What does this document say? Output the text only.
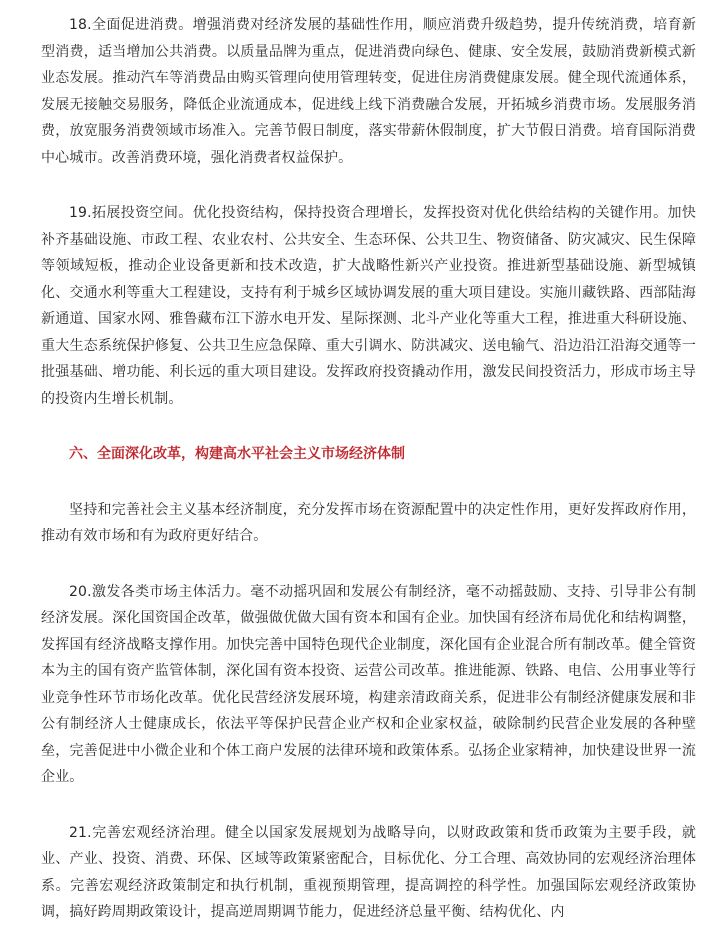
18.全面促进消费。增强消费对经济发展的基础性作用，顺应消费升级趋势，提升传统消费，培育新型消费，适当增加公共消费。以质量品牌为重点，促进消费向绿色、健康、安全发展，鼓励消费新模式新业态发展。推动汽车等消费品由购买管理向使用管理转变，促进住房消费健康发展。健全现代流通体系，发展无接触交易服务，降低企业流通成本，促进线上线下消费融合发展，开拓城乡消费市场。发展服务消费，放宽服务消费领域市场准入。完善节假日制度，落实带薪休假制度，扩大节假日消费。培育国际消费中心城市。改善消费环境，强化消费者权益保护。

19.拓展投资空间。优化投资结构，保持投资合理增长，发挥投资对优化供给结构的关键作用。加快补齐基础设施、市政工程、农业农村、公共安全、生态环保、公共卫生、物资储备、防灾减灾、民生保障等领域短板，推动企业设备更新和技术改造，扩大战略性新兴产业投资。推进新型基础设施、新型城镇化、交通水利等重大工程建设，支持有利于城乡区域协调发展的重大项目建设。实施川藏铁路、西部陆海新通道、国家水网、雅鲁藏布江下游水电开发、星际探测、北斗产业化等重大工程，推进重大科研设施、重大生态系统保护修复、公共卫生应急保障、重大引调水、防洪减灾、送电输气、沿边沿江沿海交通等一批强基础、增功能、利长远的重大项目建设。发挥政府投资撬动作用，激发民间投资活力，形成市场主导的投资内生增长机制。

六、全面深化改革，构建高水平社会主义市场经济体制

坚持和完善社会主义基本经济制度，充分发挥市场在资源配置中的决定性作用，更好发挥政府作用，推动有效市场和有为政府更好结合。

20.激发各类市场主体活力。毫不动摇巩固和发展公有制经济，毫不动摇鼓励、支持、引导非公有制经济发展。深化国资国企改革，做强做优做大国有资本和国有企业。加快国有经济布局优化和结构调整，发挥国有经济战略支撑作用。加快完善中国特色现代企业制度，深化国有企业混合所有制改革。健全管资本为主的国有资产监管体制，深化国有资本投资、运营公司改革。推进能源、铁路、电信、公用事业等行业竞争性环节市场化改革。优化民营经济发展环境，构建亲清政商关系，促进非公有制经济健康发展和非公有制经济人士健康成长，依法平等保护民营企业产权和企业家权益，破除制约民营企业发展的各种壁垒，完善促进中小微企业和个体工商户发展的法律环境和政策体系。弘扬企业家精神，加快建设世界一流企业。

21.完善宏观经济治理。健全以国家发展规划为战略导向，以财政政策和货币政策为主要手段，就业、产业、投资、消费、环保、区域等政策紧密配合，目标优化、分工合理、高效协同的宏观经济治理体系。完善宏观经济政策制定和执行机制，重视预期管理，提高调控的科学性。加强国际宏观经济政策协调，搞好跨周期政策设计，提高逆周期调节能力，促进经济总量平衡、结构优化、内
